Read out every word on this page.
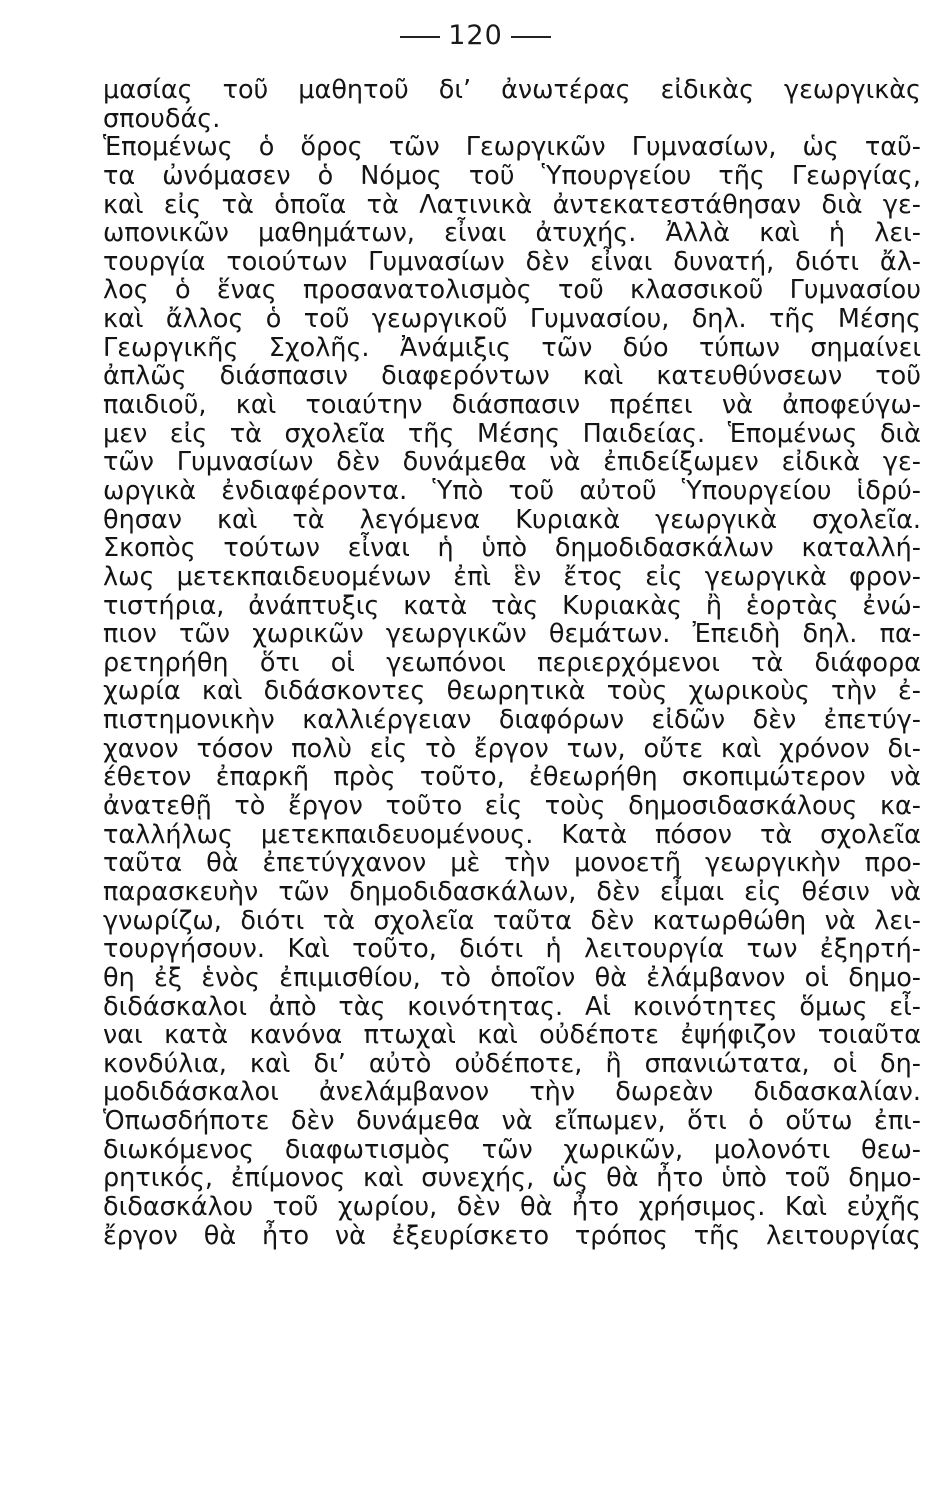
120
μασίας τοῦ μαθητοῦ δι’ ἀνωτέρας εἰδικὰς γεωργικὰς
σπουδάς.
Ἑπομένως ὁ ὅρος τῶν Γεωργικῶν Γυμνασίων, ὡς ταῦ-
τα ὠνόμασεν ὁ Νόμος τοῦ Ὑπουργείου τῆς Γεωργίας,
καὶ εἰς τὰ ὁποῖα τὰ Λατινικὰ ἀντεκατεστάθησαν διὰ γε-
ωπονικῶν μαθημάτων, εἶναι ἀτυχής. Ἀλλὰ καὶ ἡ λει-
τουργία τοιούτων Γυμνασίων δὲν εἶναι δυνατή, διότι ἄλ-
λος ὁ ἕνας προσανατολισμὸς τοῦ κλασσικοῦ Γυμνασίου
καὶ ἄλλος ὁ τοῦ γεωργικοῦ Γυμνασίου, δηλ. τῆς Μέσης
Γεωργικῆς Σχολῆς. Ἀνάμιξις τῶν δύο τύπων σημαίνει
ἀπλῶς διάσπασιν διαφερόντων καὶ κατευθύνσεων τοῦ
παιδιοῦ, καὶ τοιαύτην διάσπασιν πρέπει νὰ ἀποφεύγω-
μεν εἰς τὰ σχολεῖα τῆς Μέσης Παιδείας. Ἑπομένως διὰ
τῶν Γυμνασίων δὲν δυνάμεθα νὰ ἐπιδείξωμεν εἰδικὰ γε-
ωργικὰ ἐνδιαφέροντα. Ὑπὸ τοῦ αὐτοῦ Ὑπουργείου ἱδρύ-
θησαν καὶ τὰ λεγόμενα Κυριακὰ γεωργικὰ σχολεῖα.
Σκοπὸς τούτων εἶναι ἡ ὑπὸ δημοδιδασκάλων καταλλή-
λως μετεκπαιδευομένων ἐπὶ ἓν ἔτος εἰς γεωργικὰ φρον-
τιστήρια, ἀνάπτυξις κατὰ τὰς Κυριακὰς ἢ ἑορτὰς ἐνώ-
πιον τῶν χωρικῶν γεωργικῶν θεμάτων. Ἐπειδὴ δηλ. πα-
ρετηρήθη ὅτι οἱ γεωπόνοι περιερχόμενοι τὰ διάφορα
χωρία καὶ διδάσκοντες θεωρητικὰ τοὺς χωρικοὺς τὴν ἐ-
πιστημονικὴν καλλιέργειαν διαφόρων εἰδῶν δὲν ἐπετύγ-
χανον τόσον πολὺ εἰς τὸ ἔργον των, οὔτε καὶ χρόνον δι-
έθετον ἐπαρκῆ πρὸς τοῦτο, ἐθεωρήθη σκοπιμώτερον νὰ
ἀνατεθῇ τὸ ἔργον τοῦτο εἰς τοὺς δημοσιδασκάλους κα-
ταλλήλως μετεκπαιδευομένους. Κατὰ πόσον τὰ σχολεῖα
ταῦτα θὰ ἐπετύγχανον μὲ τὴν μονοετῆ γεωργικὴν προ-
παρασκευὴν τῶν δημοδιδασκάλων, δὲν εἶμαι εἰς θέσιν νὰ
γνωρίζω, διότι τὰ σχολεῖα ταῦτα δὲν κατωρθώθη νὰ λει-
τουργήσουν. Καὶ τοῦτο, διότι ἡ λειτουργία των ἐξηρτή-
θη ἐξ ἑνὸς ἐπιμισθίου, τὸ ὁποῖον θὰ ἐλάμβανον οἱ δημο-
διδάσκαλοι ἀπὸ τὰς κοινότητας. Αἱ κοινότητες ὅμως εἶ-
ναι κατὰ κανόνα πτωχαὶ καὶ οὐδέποτε ἐψήφιζον τοιαῦτα
κονδύλια, καὶ δι’ αὐτὸ οὐδέποτε, ἢ σπανιώτατα, οἱ δη-
μοδιδάσκαλοι ἀνελάμβανον τὴν δωρεὰν διδασκαλίαν.
Ὁπωσδήποτε δὲν δυνάμεθα νὰ εἴπωμεν, ὅτι ὁ οὕτω ἐπι-
διωκόμενος διαφωτισμὸς τῶν χωρικῶν, μολονότι θεω-
ρητικός, ἐπίμονος καὶ συνεχής, ὡς θὰ ἦτο ὑπὸ τοῦ δημο-
διδασκάλου τοῦ χωρίου, δὲν θὰ ἦτο χρήσιμος. Καὶ εὐχῆς
ἔργον θὰ ἦτο νὰ ἐξευρίσκετο τρόπος τῆς λειτουργίας
